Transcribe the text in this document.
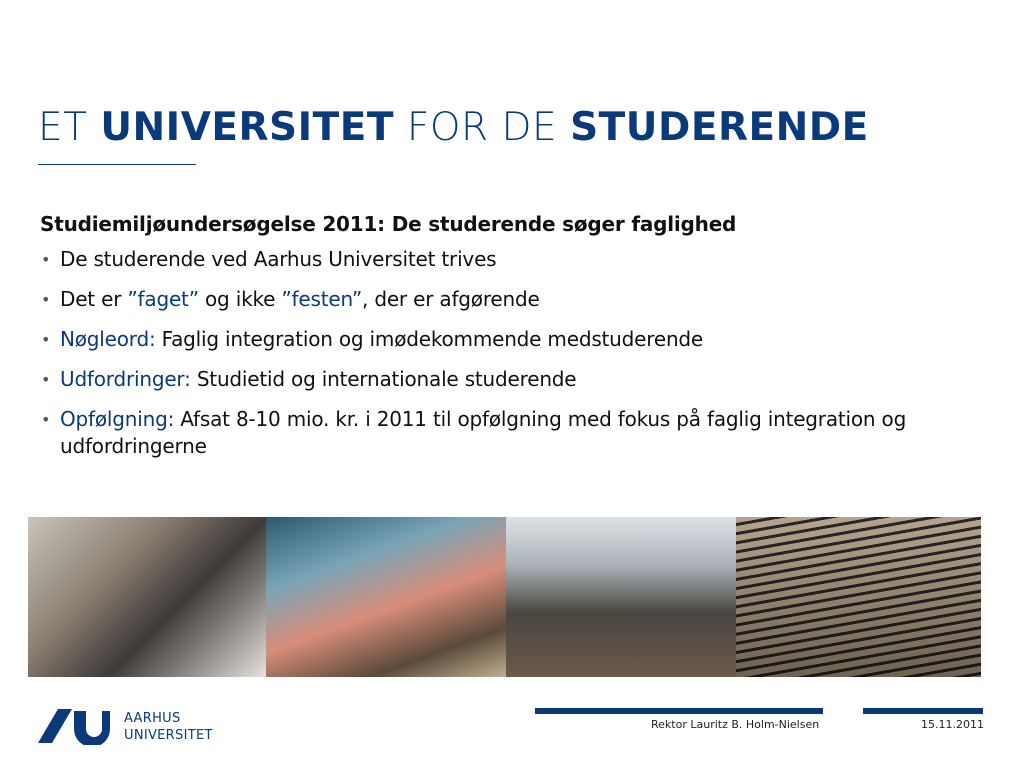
ET UNIVERSITET FOR DE STUDERENDE
Studiemiljøundersøgelse 2011: De studerende søger faglighed
• De studerende ved Aarhus Universitet trives
• Det er ”faget” og ikke ”festen”, der er afgørende
• Nøgleord: Faglig integration og imødekommende medstuderende
• Udfordringer: Studietid og internationale studerende
• Opfølgning: Afsat 8-10 mio. kr. i 2011 til opfølgning med fokus på faglig integration og udfordringerne
AARHUS
UNIVERSITET
Rektor Lauritz B. Holm-Nielsen	15.11.2011
